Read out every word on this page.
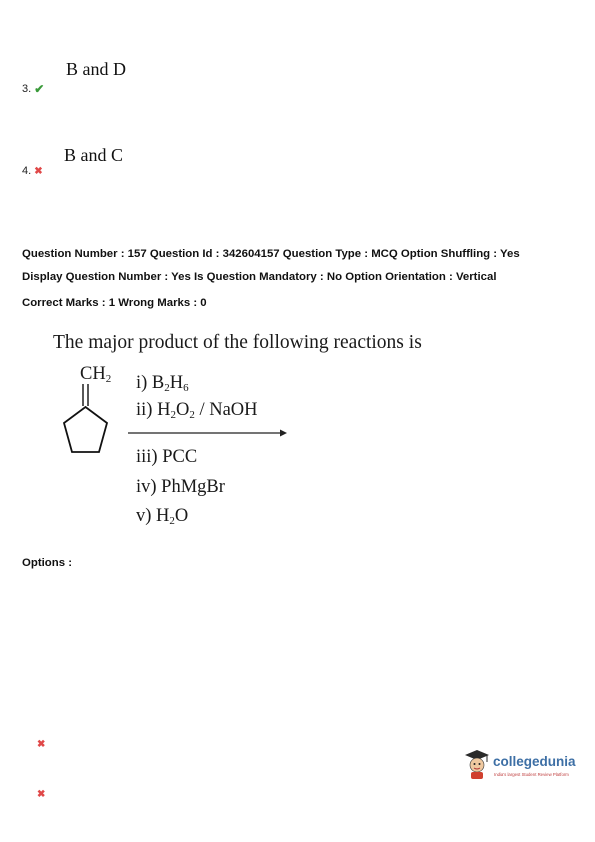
B and D
3. ✔
B and C
4. ✖
Question Number : 157 Question Id : 342604157 Question Type : MCQ Option Shuffling : Yes
Display Question Number : Yes Is Question Mandatory : No Option Orientation : Vertical
Correct Marks : 1 Wrong Marks : 0
The major product of the following reactions is
$CH_2$ i) $B_2H_6$
ii) $H_2O_2$ / NaOH
iii) PCC
iv) PhMgBr
v) $H_2O$
Options :
✖
✖
collegedunia
India's largest Student Review Platform
